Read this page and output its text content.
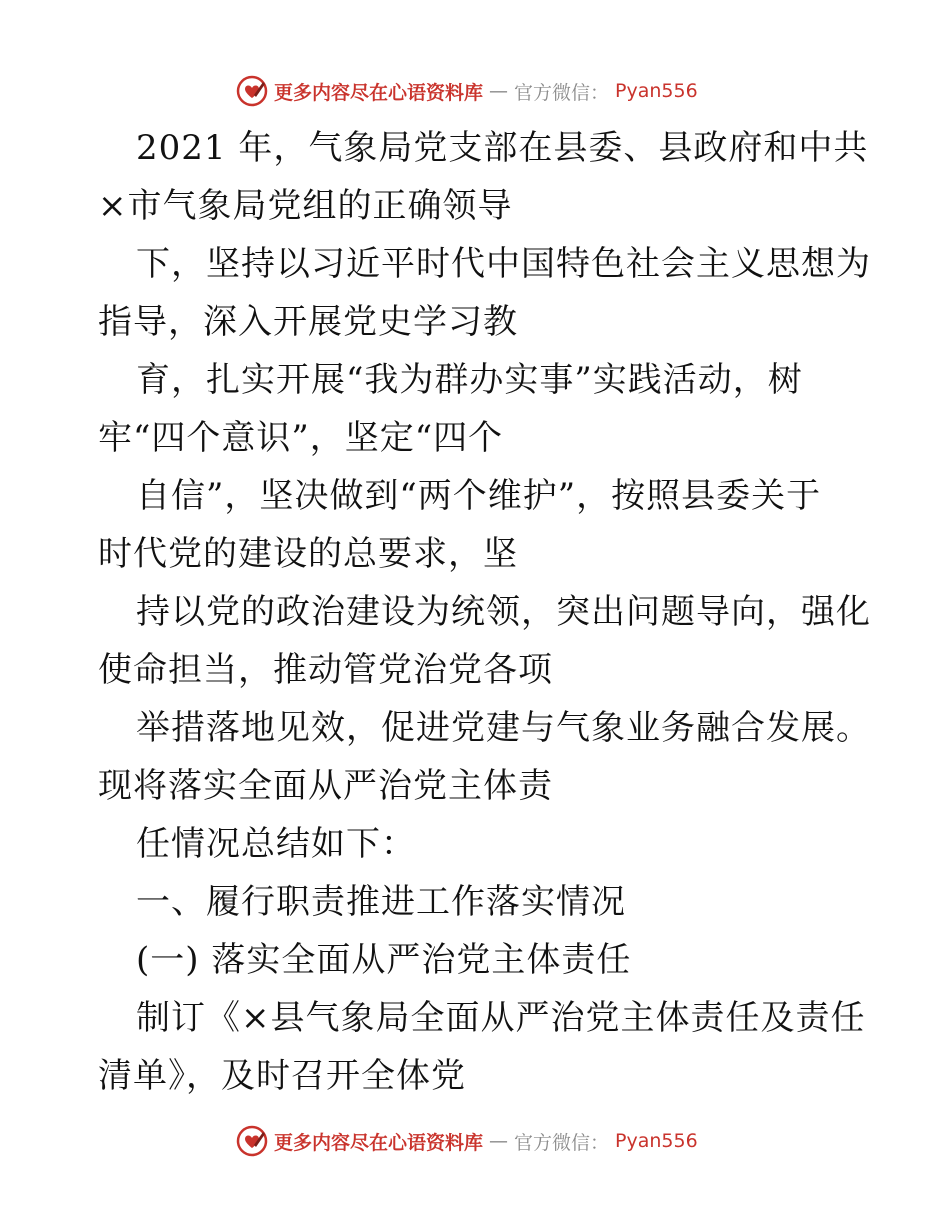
更多内容尽在心语资料库 — 官方微信： Pyan556
2021 年，气象局党支部在县委、县政府和中共
×市气象局党组的正确领导
下，坚持以习近平时代中国特色社会主义思想为
指导，深入开展党史学习教
育，扎实开展“我为群办实事”实践活动，树
牢“四个意识”，坚定“四个
自信”，坚决做到“两个维护”，按照县委关于
时代党的建设的总要求，坚
持以党的政治建设为统领，突出问题导向，强化
使命担当，推动管党治党各项
举措落地见效，促进党建与气象业务融合发展。
现将落实全面从严治党主体责
任情况总结如下：
一、履行职责推进工作落实情况
(一) 落实全面从严治党主体责任
制订《×县气象局全面从严治党主体责任及责任
清单》，及时召开全体党
更多内容尽在心语资料库 — 官方微信： Pyan556
